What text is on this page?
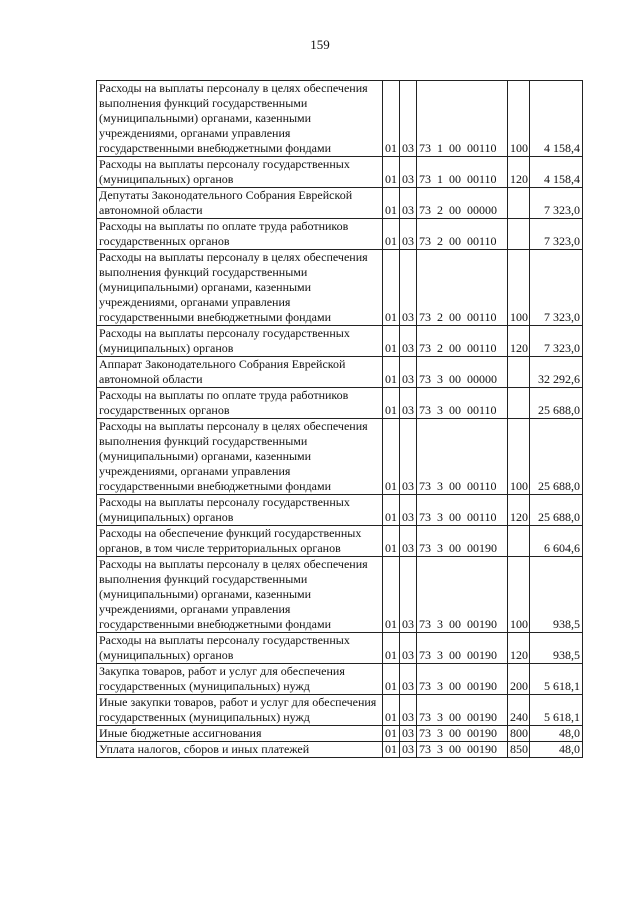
159
Расходы на выплаты персоналу в целях обеспечения выполнения функций государственными (муниципальными) органами, казенными учреждениями, органами управления государственными внебюджетными фондами	01	03	73  1  00  00110	100	4 158,4
Расходы на выплаты персоналу государственных (муниципальных) органов	01	03	73  1  00  00110	120	4 158,4
Депутаты Законодательного Собрания Еврейской автономной области	01	03	73  2  00  00000		7 323,0
Расходы на выплаты по оплате труда работников государственных органов	01	03	73  2  00  00110		7 323,0
Расходы на выплаты персоналу в целях обеспечения выполнения функций государственными (муниципальными) органами, казенными учреждениями, органами управления государственными внебюджетными фондами	01	03	73  2  00  00110	100	7 323,0
Расходы на выплаты персоналу государственных (муниципальных) органов	01	03	73  2  00  00110	120	7 323,0
Аппарат Законодательного Собрания Еврейской автономной области	01	03	73  3  00  00000		32 292,6
Расходы на выплаты по оплате труда работников государственных органов	01	03	73  3  00  00110		25 688,0
Расходы на выплаты персоналу в целях обеспечения выполнения функций государственными (муниципальными) органами, казенными учреждениями, органами управления государственными внебюджетными фондами	01	03	73  3  00  00110	100	25 688,0
Расходы на выплаты персоналу государственных (муниципальных) органов	01	03	73  3  00  00110	120	25 688,0
Расходы на обеспечение функций государственных органов, в том числе территориальных органов	01	03	73  3  00  00190		6 604,6
Расходы на выплаты персоналу в целях обеспечения выполнения функций государственными (муниципальными) органами, казенными учреждениями, органами управления государственными внебюджетными фондами	01	03	73  3  00  00190	100	938,5
Расходы на выплаты персоналу государственных (муниципальных) органов	01	03	73  3  00  00190	120	938,5
Закупка товаров, работ и услуг для обеспечения государственных (муниципальных) нужд	01	03	73  3  00  00190	200	5 618,1
Иные закупки товаров, работ и услуг для обеспечения государственных (муниципальных) нужд	01	03	73  3  00  00190	240	5 618,1
Иные бюджетные ассигнования	01	03	73  3  00  00190	800	48,0
Уплата налогов, сборов и иных платежей	01	03	73  3  00  00190	850	48,0
